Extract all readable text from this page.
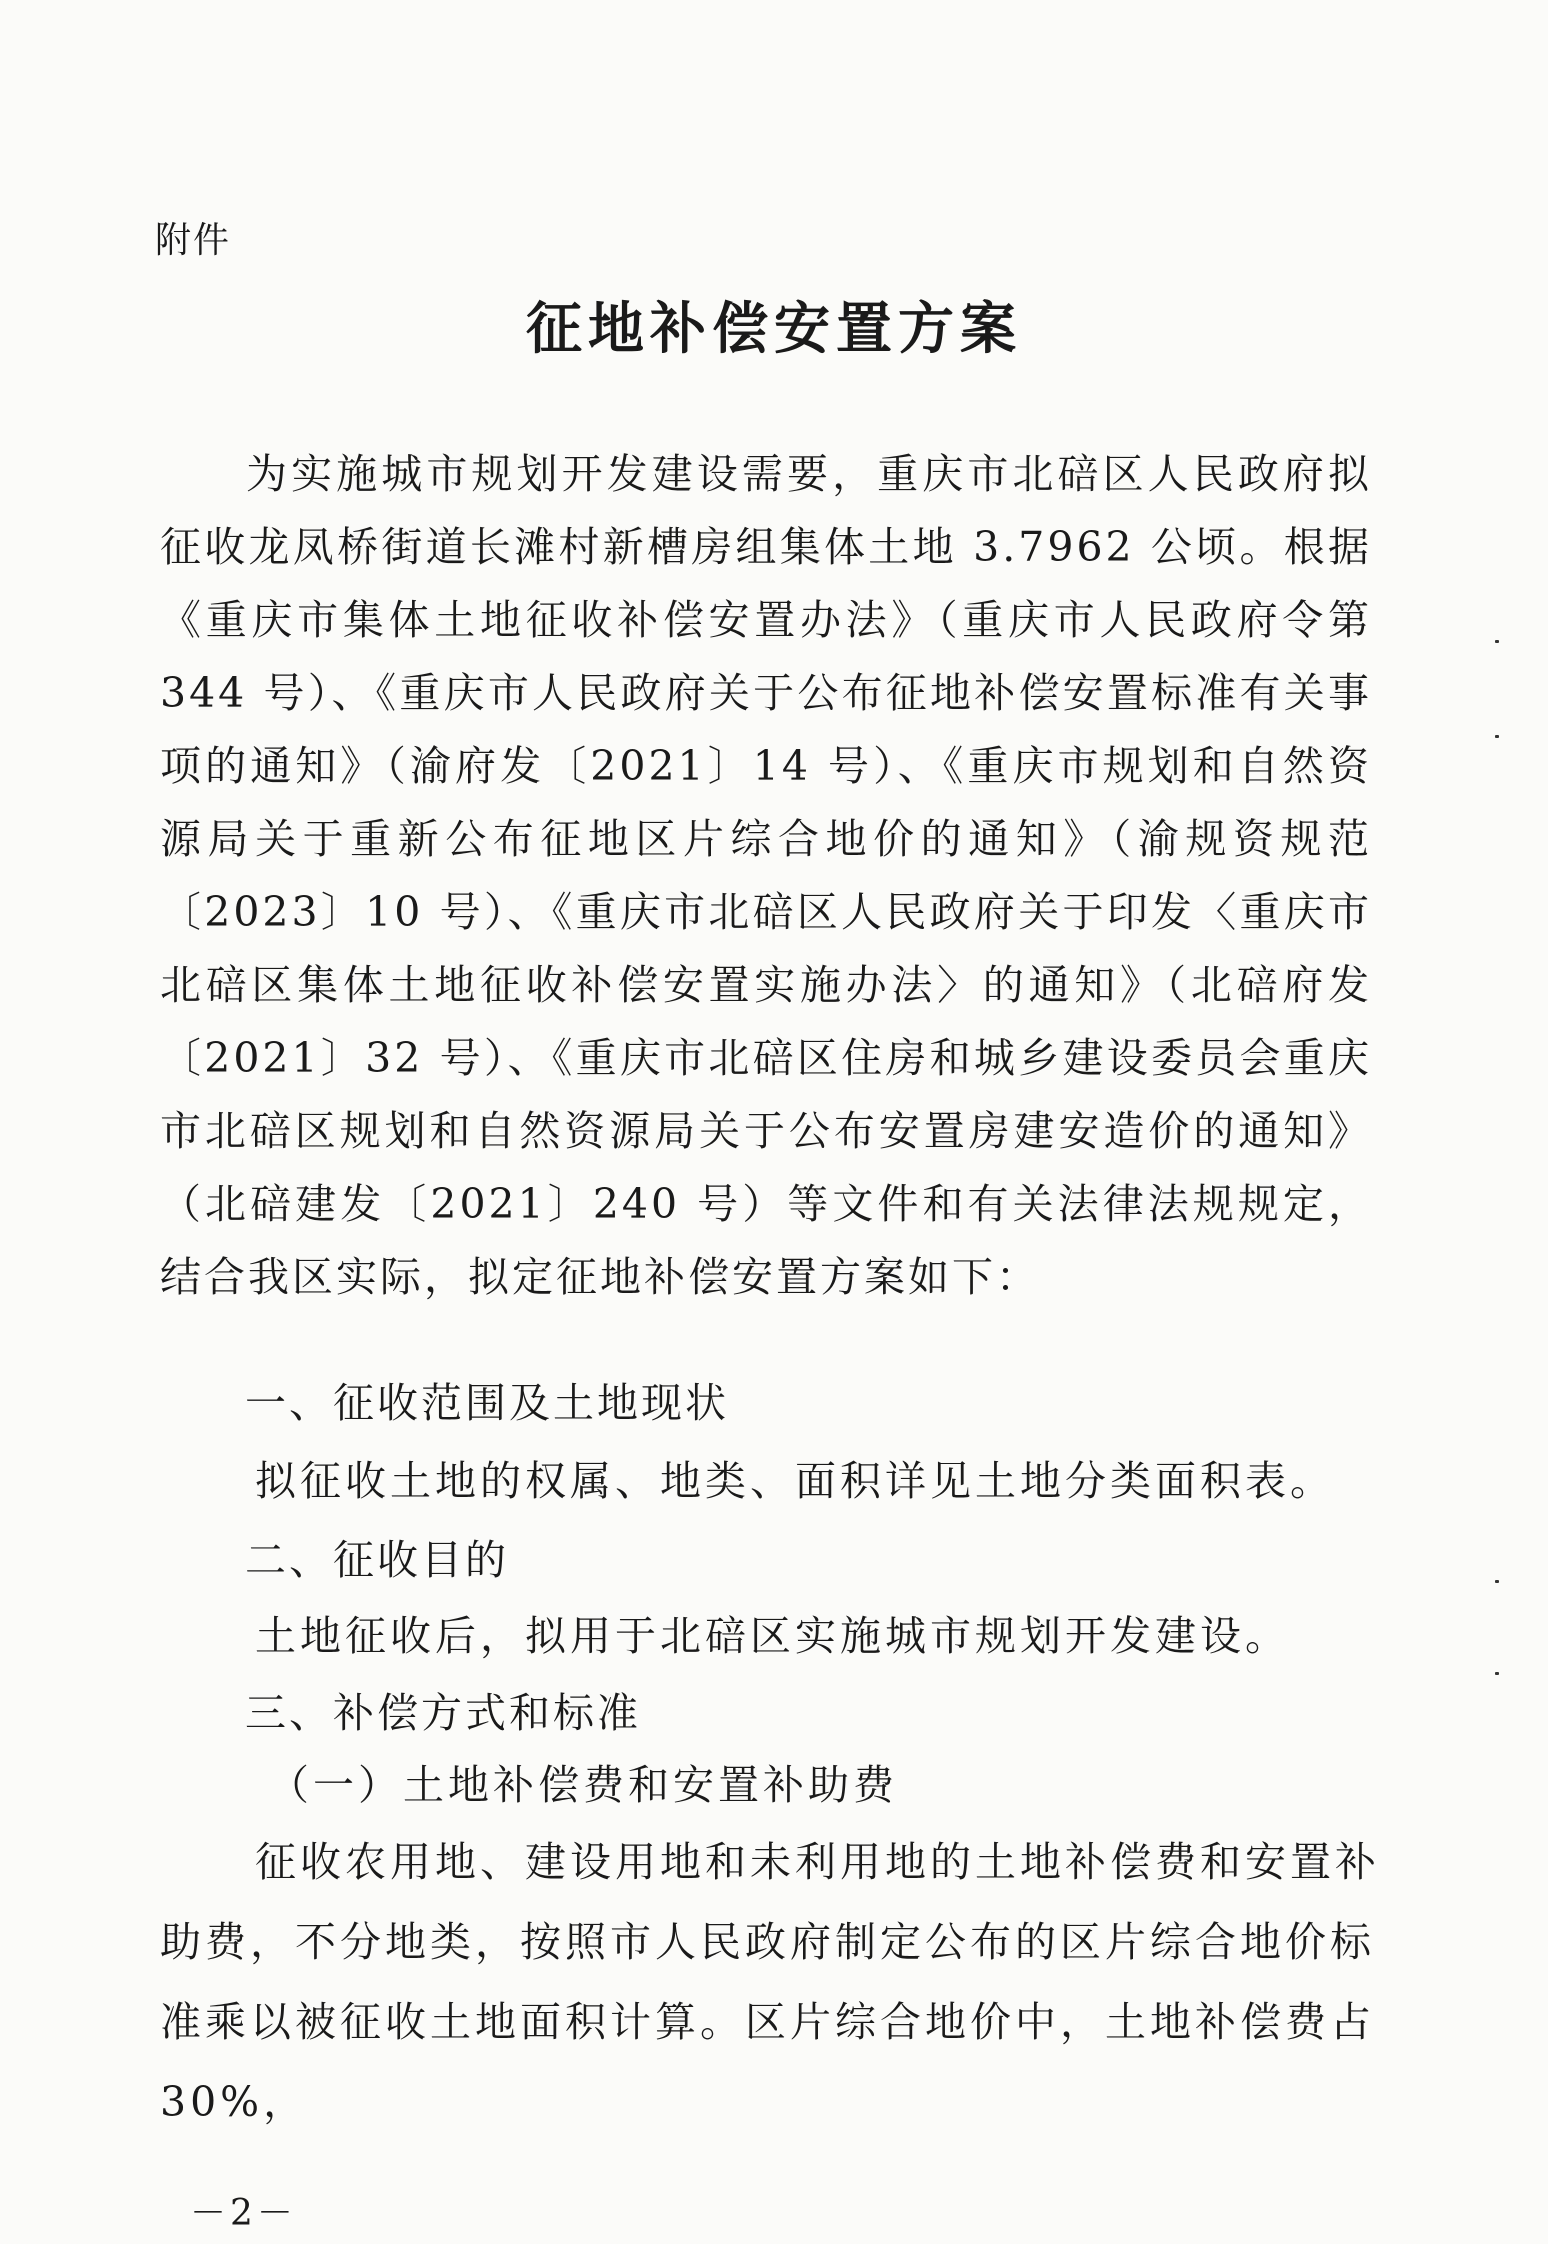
附件
征地补偿安置方案

为实施城市规划开发建设需要，重庆市北碚区人民政府拟征收龙凤桥街道长滩村新槽房组集体土地 3.7962 公顷。根据《重庆市集体土地征收补偿安置办法》（重庆市人民政府令第 344 号）、《重庆市人民政府关于公布征地补偿安置标准有关事项的通知》（渝府发〔2021〕14 号）、《重庆市规划和自然资源局关于重新公布征地区片综合地价的通知》（渝规资规范〔2023〕10 号）、《重庆市北碚区人民政府关于印发〈重庆市北碚区集体土地征收补偿安置实施办法〉的通知》（北碚府发〔2021〕32 号）、《重庆市北碚区住房和城乡建设委员会重庆市北碚区规划和自然资源局关于公布安置房建安造价的通知》（北碚建发〔2021〕240 号）等文件和有关法律法规规定，结合我区实际，拟定征地补偿安置方案如下：

一、征收范围及土地现状
拟征收土地的权属、地类、面积详见土地分类面积表。
二、征收目的
土地征收后，拟用于北碚区实施城市规划开发建设。
三、补偿方式和标准
（一）土地补偿费和安置补助费

征收农用地、建设用地和未利用地的土地补偿费和安置补助费，不分地类，按照市人民政府制定公布的区片综合地价标准乘以被征收土地面积计算。区片综合地价中，土地补偿费占 30%，

－2－
